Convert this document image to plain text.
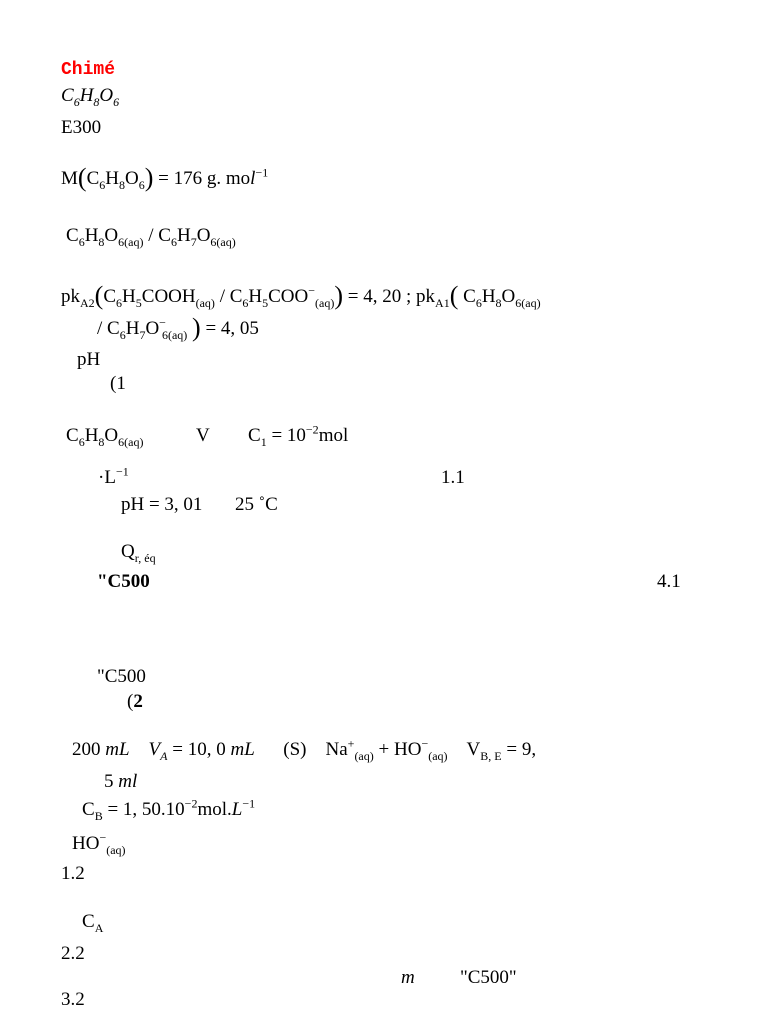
Chimé
$C_6H_8O_6$
E300
$M(C_6H_8O_6) = 176$ g. mol$^{-1}$
$C_6H_8O_{6(aq)} / C_6H_7O_{6(aq)}$
$pk_{A2}(C_6H_5COOH_{(aq)} / C_6H_5COO^-_{(aq)}) = 4$, 20 ; $pk_{A1}$( $C_6H_8O_{6(aq)}$
/ $C_6H_7O^-_{6(aq)}$ ) = 4, 05
pH
(1
$C_6H_8O_{6(aq)}$	V $C_1 = 10^{-2}mol$
$\cdot L^{-1}$	1.1
pH = 3, 01 25 ˚C
$Q_{r, éq}$
"C500	4.1
"C500
(2
200 mL $V_A = 10$, 0 mL (S) $Na^+_{(aq)} + HO^-_{(aq)}$ $V_{B, E} = 9$,
5 ml
$C_B = 1$, $50.10^{-2}mol.L^{-1}$
$HO^-_{(aq)}$
1.2
$C_A$
2.2
m "C500"
3.2
